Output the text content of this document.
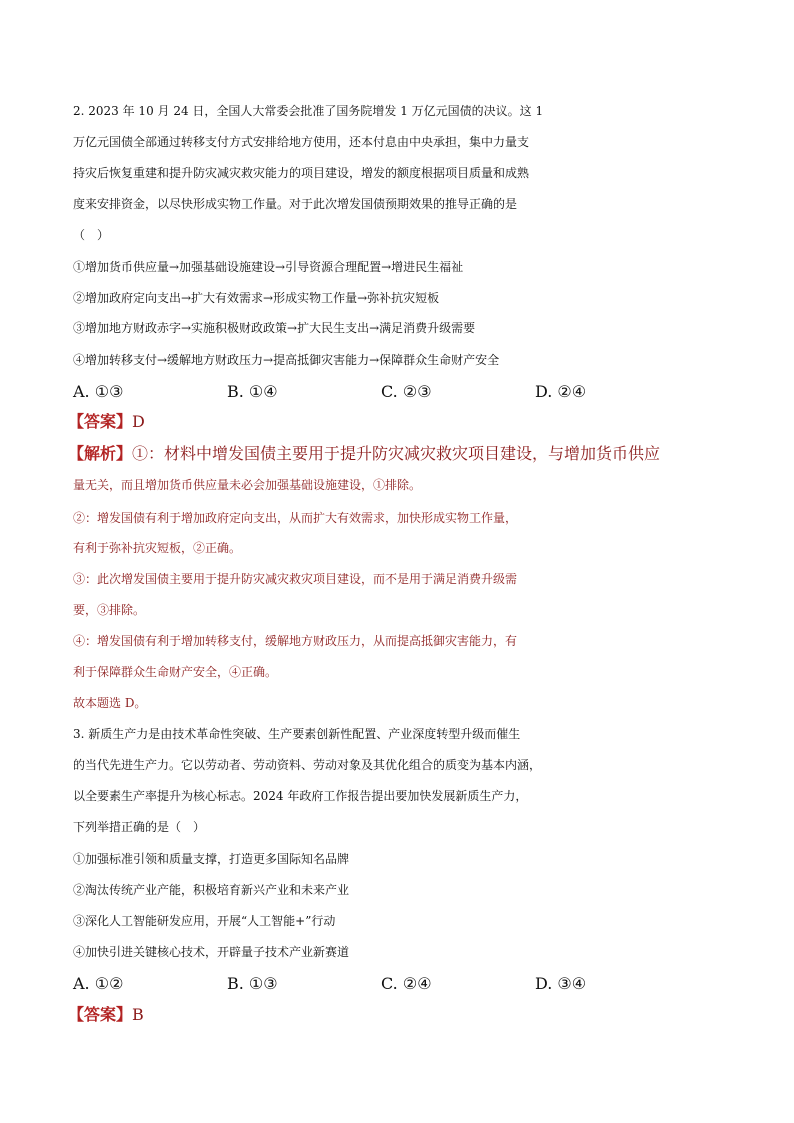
2. 2023 年 10 月 24 日，全国人大常委会批准了国务院增发 1 万亿元国债的决议。这 1
万亿元国债全部通过转移支付方式安排给地方使用，还本付息由中央承担，集中力量支
持灾后恢复重建和提升防灾减灾救灾能力的项目建设，增发的额度根据项目质量和成熟
度来安排资金，以尽快形成实物工作量。对于此次增发国债预期效果的推导正确的是
（　）
①增加货币供应量→加强基础设施建设→引导资源合理配置→增进民生福祉
②增加政府定向支出→扩大有效需求→形成实物工作量→弥补抗灾短板
③增加地方财政赤字→实施积极财政政策→扩大民生支出→满足消费升级需要
④增加转移支付→缓解地方财政压力→提高抵御灾害能力→保障群众生命财产安全
A. ①③	B. ①④	C. ②③	D. ②④
【答案】D
【解析】①：材料中增发国债主要用于提升防灾减灾救灾项目建设，与增加货币供应
量无关，而且增加货币供应量未必会加强基础设施建设，①排除。
②：增发国债有利于增加政府定向支出，从而扩大有效需求，加快形成实物工作量，
有利于弥补抗灾短板，②正确。
③：此次增发国债主要用于提升防灾减灾救灾项目建设，而不是用于满足消费升级需
要，③排除。
④：增发国债有利于增加转移支付，缓解地方财政压力，从而提高抵御灾害能力，有
利于保障群众生命财产安全，④正确。
故本题选 D。
3. 新质生产力是由技术革命性突破、生产要素创新性配置、产业深度转型升级而催生
的当代先进生产力。它以劳动者、劳动资料、劳动对象及其优化组合的质变为基本内涵，
以全要素生产率提升为核心标志。2024 年政府工作报告提出要加快发展新质生产力，
下列举措正确的是（　）
①加强标准引领和质量支撑，打造更多国际知名品牌
②淘汰传统产业产能，积极培育新兴产业和未来产业
③深化人工智能研发应用，开展“人工智能+”行动
④加快引进关键核心技术，开辟量子技术产业新赛道
A. ①②	B. ①③	C. ②④	D. ③④
【答案】B
